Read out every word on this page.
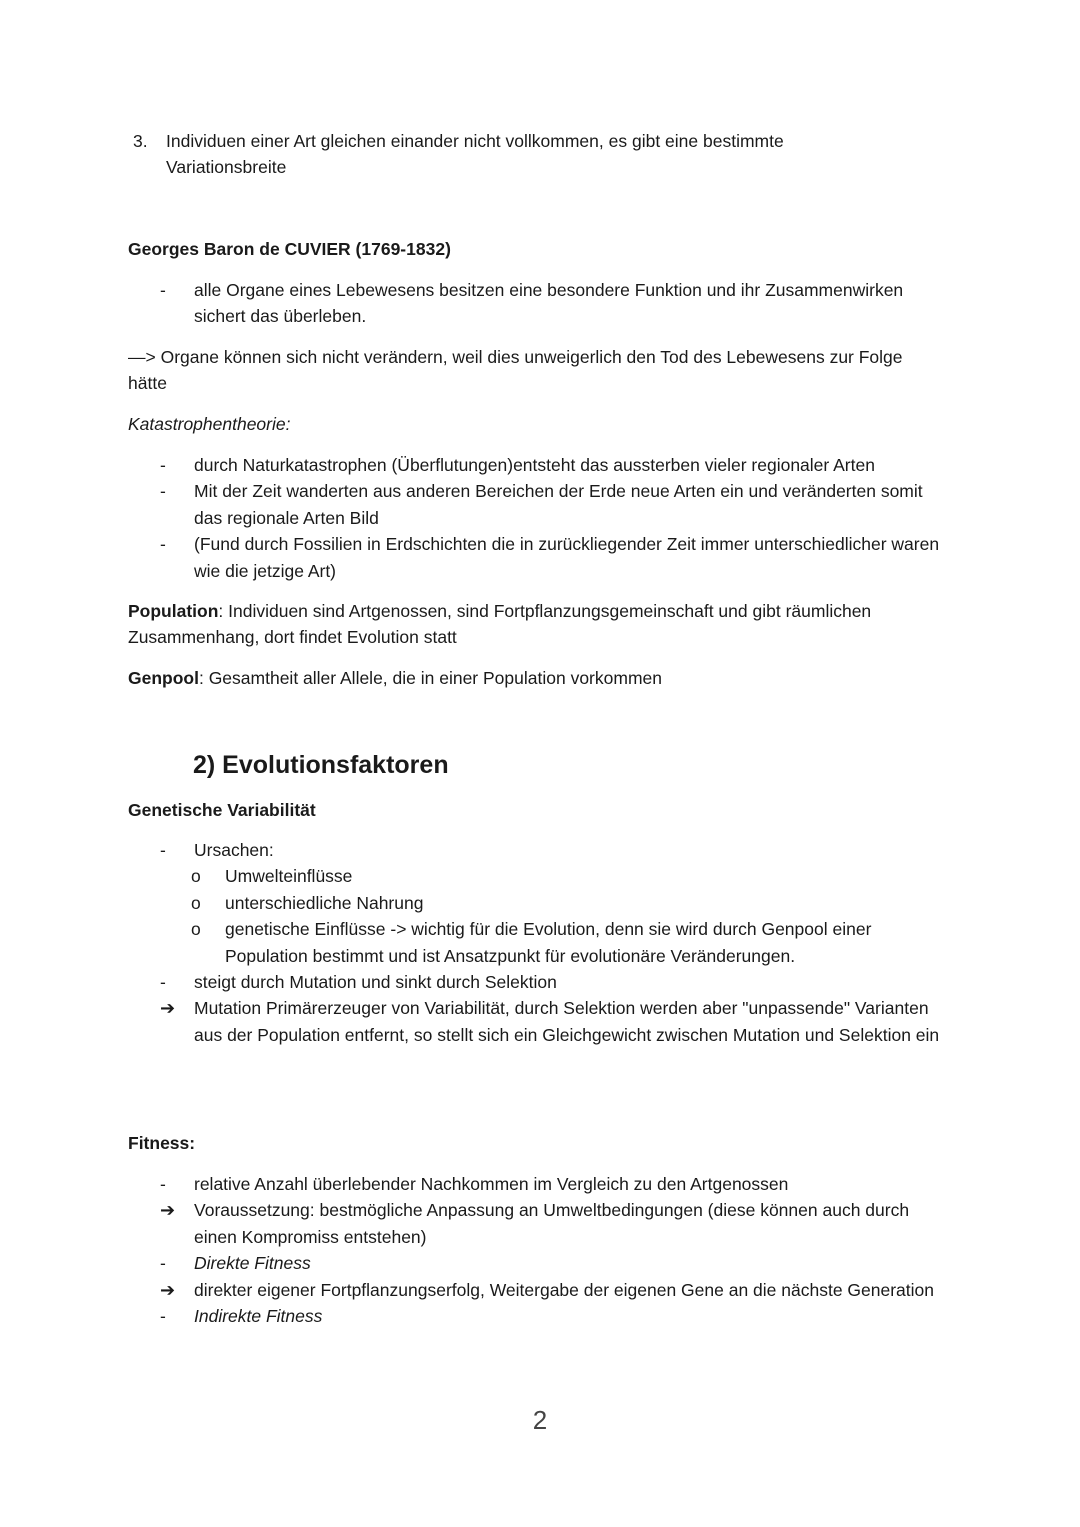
3. Individuen einer Art gleichen einander nicht vollkommen, es gibt eine bestimmte Variationsbreite
Georges Baron de CUVIER (1769-1832)
- alle Organe eines Lebewesens besitzen eine besondere Funktion und ihr Zusammenwirken sichert das überleben.
—> Organe können sich nicht verändern, weil dies unweigerlich den Tod des Lebewesens zur Folge hätte
Katastrophentheorie:
- durch Naturkatastrophen (Überflutungen)entsteht das aussterben vieler regionaler Arten
- Mit der Zeit wanderten aus anderen Bereichen der Erde neue Arten ein und veränderten somit das regionale Arten Bild
- (Fund durch Fossilien in Erdschichten die in zurückliegender Zeit immer unterschiedlicher waren wie die jetzige Art)
Population: Individuen sind Artgenossen, sind Fortpflanzungsgemeinschaft und gibt räumlichen Zusammenhang, dort findet Evolution statt
Genpool: Gesamtheit aller Allele, die in einer Population vorkommen
2) Evolutionsfaktoren
Genetische Variabilität
- Ursachen:
o Umwelteinflüsse
o unterschiedliche Nahrung
o genetische Einflüsse -> wichtig für die Evolution, denn sie wird durch Genpool einer Population bestimmt und ist Ansatzpunkt für evolutionäre Veränderungen.
- steigt durch Mutation und sinkt durch Selektion
➔ Mutation Primärerzeuger von Variabilität, durch Selektion werden aber "unpassende" Varianten aus der Population entfernt, so stellt sich ein Gleichgewicht zwischen Mutation und Selektion ein
Fitness:
- relative Anzahl überlebender Nachkommen im Vergleich zu den Artgenossen
➔ Voraussetzung: bestmögliche Anpassung an Umweltbedingungen (diese können auch durch einen Kompromiss entstehen)
- Direkte Fitness
➔ direkter eigener Fortpflanzungserfolg, Weitergabe der eigenen Gene an die nächste Generation
- Indirekte Fitness
2
